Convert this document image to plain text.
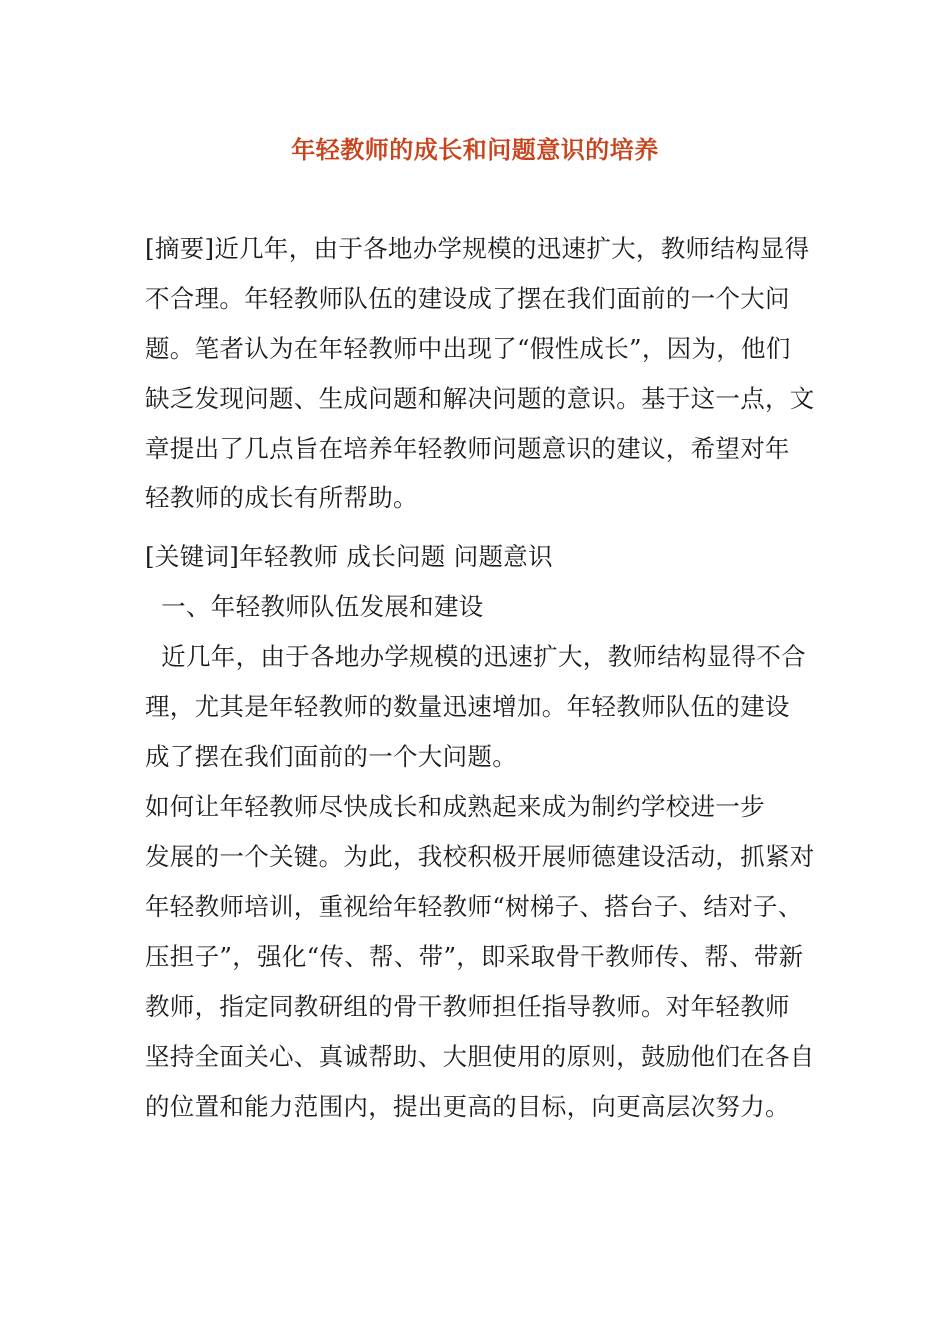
年轻教师的成长和问题意识的培养
[摘要]近几年，由于各地办学规模的迅速扩大，教师结构显得
不合理。年轻教师队伍的建设成了摆在我们面前的一个大问
题。笔者认为在年轻教师中出现了“假性成长”，因为，他们
缺乏发现问题、生成问题和解决问题的意识。基于这一点，文
章提出了几点旨在培养年轻教师问题意识的建议，希望对年
轻教师的成长有所帮助。
[关键词]年轻教师 成长问题 问题意识
一、年轻教师队伍发展和建设
近几年，由于各地办学规模的迅速扩大，教师结构显得不合
理，尤其是年轻教师的数量迅速增加。年轻教师队伍的建设
成了摆在我们面前的一个大问题。
如何让年轻教师尽快成长和成熟起来成为制约学校进一步
发展的一个关键。为此，我校积极开展师德建设活动，抓紧对
年轻教师培训，重视给年轻教师“树梯子、搭台子、结对子、
压担子”，强化“传、帮、带”，即采取骨干教师传、帮、带新
教师，指定同教研组的骨干教师担任指导教师。对年轻教师
坚持全面关心、真诚帮助、大胆使用的原则，鼓励他们在各自
的位置和能力范围内，提出更高的目标，向更高层次努力。
